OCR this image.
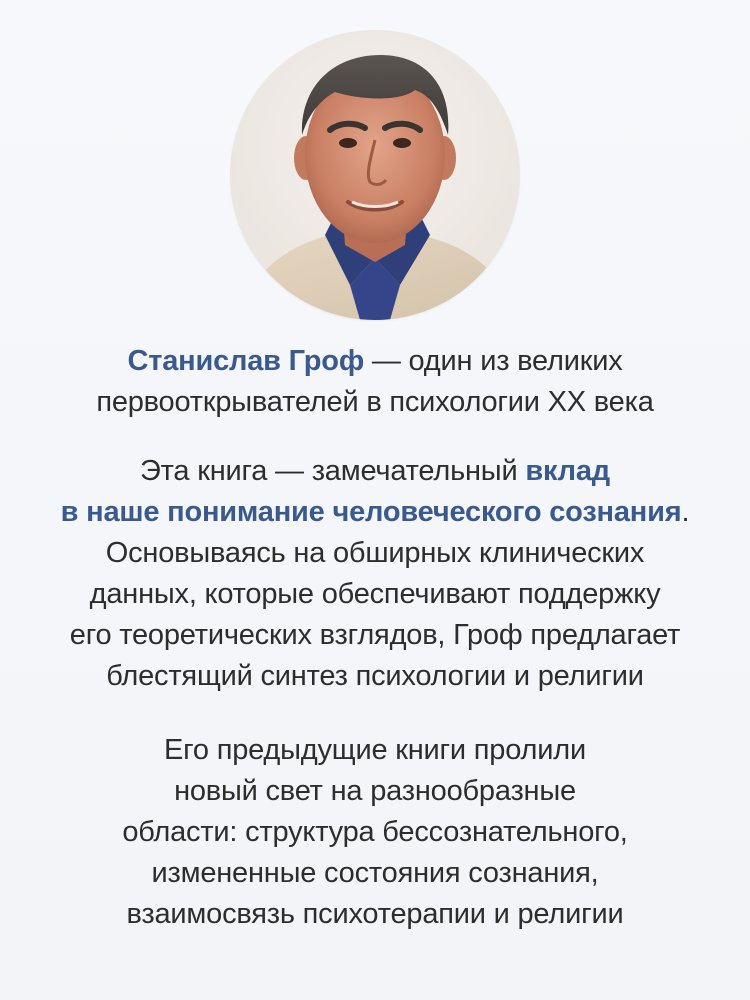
Станислав Гроф — один из великих
первооткрывателей в психологии XX века
Эта книга — замечательный вклад
в наше понимание человеческого сознания.
Основываясь на обширных клинических
данных, которые обеспечивают поддержку
его теоретических взглядов, Гроф предлагает
блестящий синтез психологии и религии
Его предыдущие книги пролили
новый свет на разнообразные
области: структура бессознательного,
измененные состояния сознания,
взаимосвязь психотерапии и религии
